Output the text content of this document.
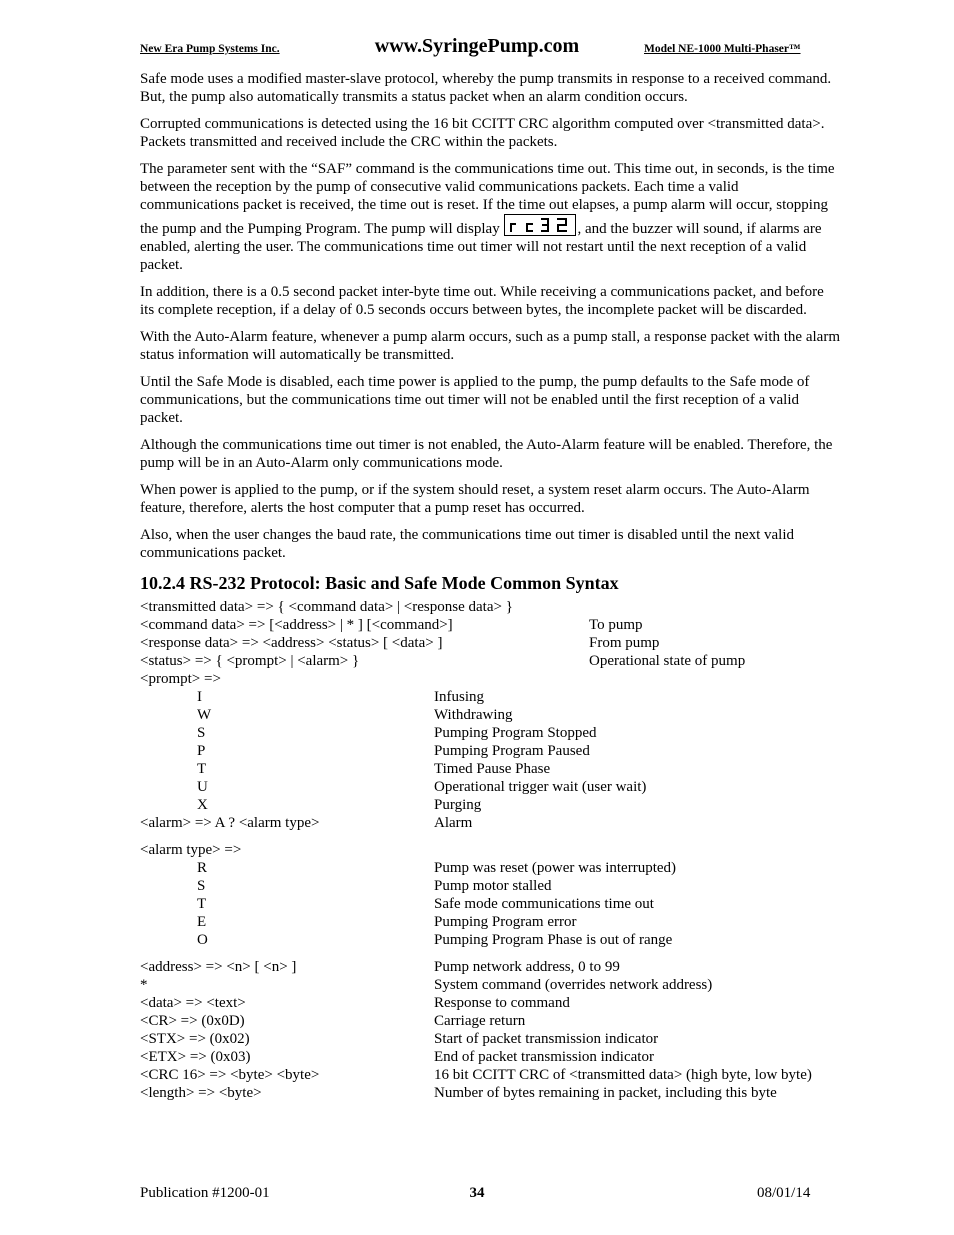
New Era Pump Systems Inc.	www.SyringePump.com	Model NE-1000 Multi-Phaser™

Safe mode uses a modified master-slave protocol, whereby the pump transmits in response to a received command. But, the pump also automatically transmits a status packet when an alarm condition occurs.

Corrupted communications is detected using the 16 bit CCITT CRC algorithm computed over <transmitted data>. Packets transmitted and received include the CRC within the packets.

The parameter sent with the “SAF” command is the communications time out. This time out, in seconds, is the time between the reception by the pump of consecutive valid communications packets. Each time a valid communications packet is received, the time out is reset. If the time out elapses, a pump alarm will occur, stopping the pump and the Pumping Program. The pump will display	, and the buzzer will sound, if alarms are enabled, alerting the user. The communications time out timer will not restart until the next reception of a valid packet.

In addition, there is a 0.5 second packet inter-byte time out. While receiving a communications packet, and before its complete reception, if a delay of 0.5 seconds occurs between bytes, the incomplete packet will be discarded.

With the Auto-Alarm feature, whenever a pump alarm occurs, such as a pump stall, a response packet with the alarm status information will automatically be transmitted.

Until the Safe Mode is disabled, each time power is applied to the pump, the pump defaults to the Safe mode of communications, but the communications time out timer will not be enabled until the first reception of a valid packet.

Although the communications time out timer is not enabled, the Auto-Alarm feature will be enabled. Therefore, the pump will be in an Auto-Alarm only communications mode.

When power is applied to the pump, or if the system should reset, a system reset alarm occurs. The Auto-Alarm feature, therefore, alerts the host computer that a pump reset has occurred.

Also, when the user changes the baud rate, the communications time out timer is disabled until the next valid communications packet.

10.2.4 RS-232 Protocol: Basic and Safe Mode Common Syntax
<transmitted data> => { <command data> | <response data> }
<command data> => [<address> | * ] [<command>]	To pump
<response data> => <address> <status> [ <data> ]	From pump
<status> => { <prompt> | <alarm> }	Operational state of pump
<prompt> =>
I	Infusing
W	Withdrawing
S	Pumping Program Stopped
P	Pumping Program Paused
T	Timed Pause Phase
U	Operational trigger wait (user wait)
X	Purging
<alarm> => A ? <alarm type>	Alarm
<alarm type> =>
R	Pump was reset (power was interrupted)
S	Pump motor stalled
T	Safe mode communications time out
E	Pumping Program error
O	Pumping Program Phase is out of range
<address> => <n> [ <n> ]	Pump network address, 0 to 99
*	System command (overrides network address)
<data> => <text>	Response to command
<CR> => (0x0D)	Carriage return
<STX> => (0x02)	Start of packet transmission indicator
<ETX> => (0x03)	End of packet transmission indicator
<CRC 16> => <byte> <byte>	16 bit CCITT CRC of <transmitted data> (high byte, low byte)
<length> => <byte>	Number of bytes remaining in packet, including this byte
Publication #1200-01	34	08/01/14
